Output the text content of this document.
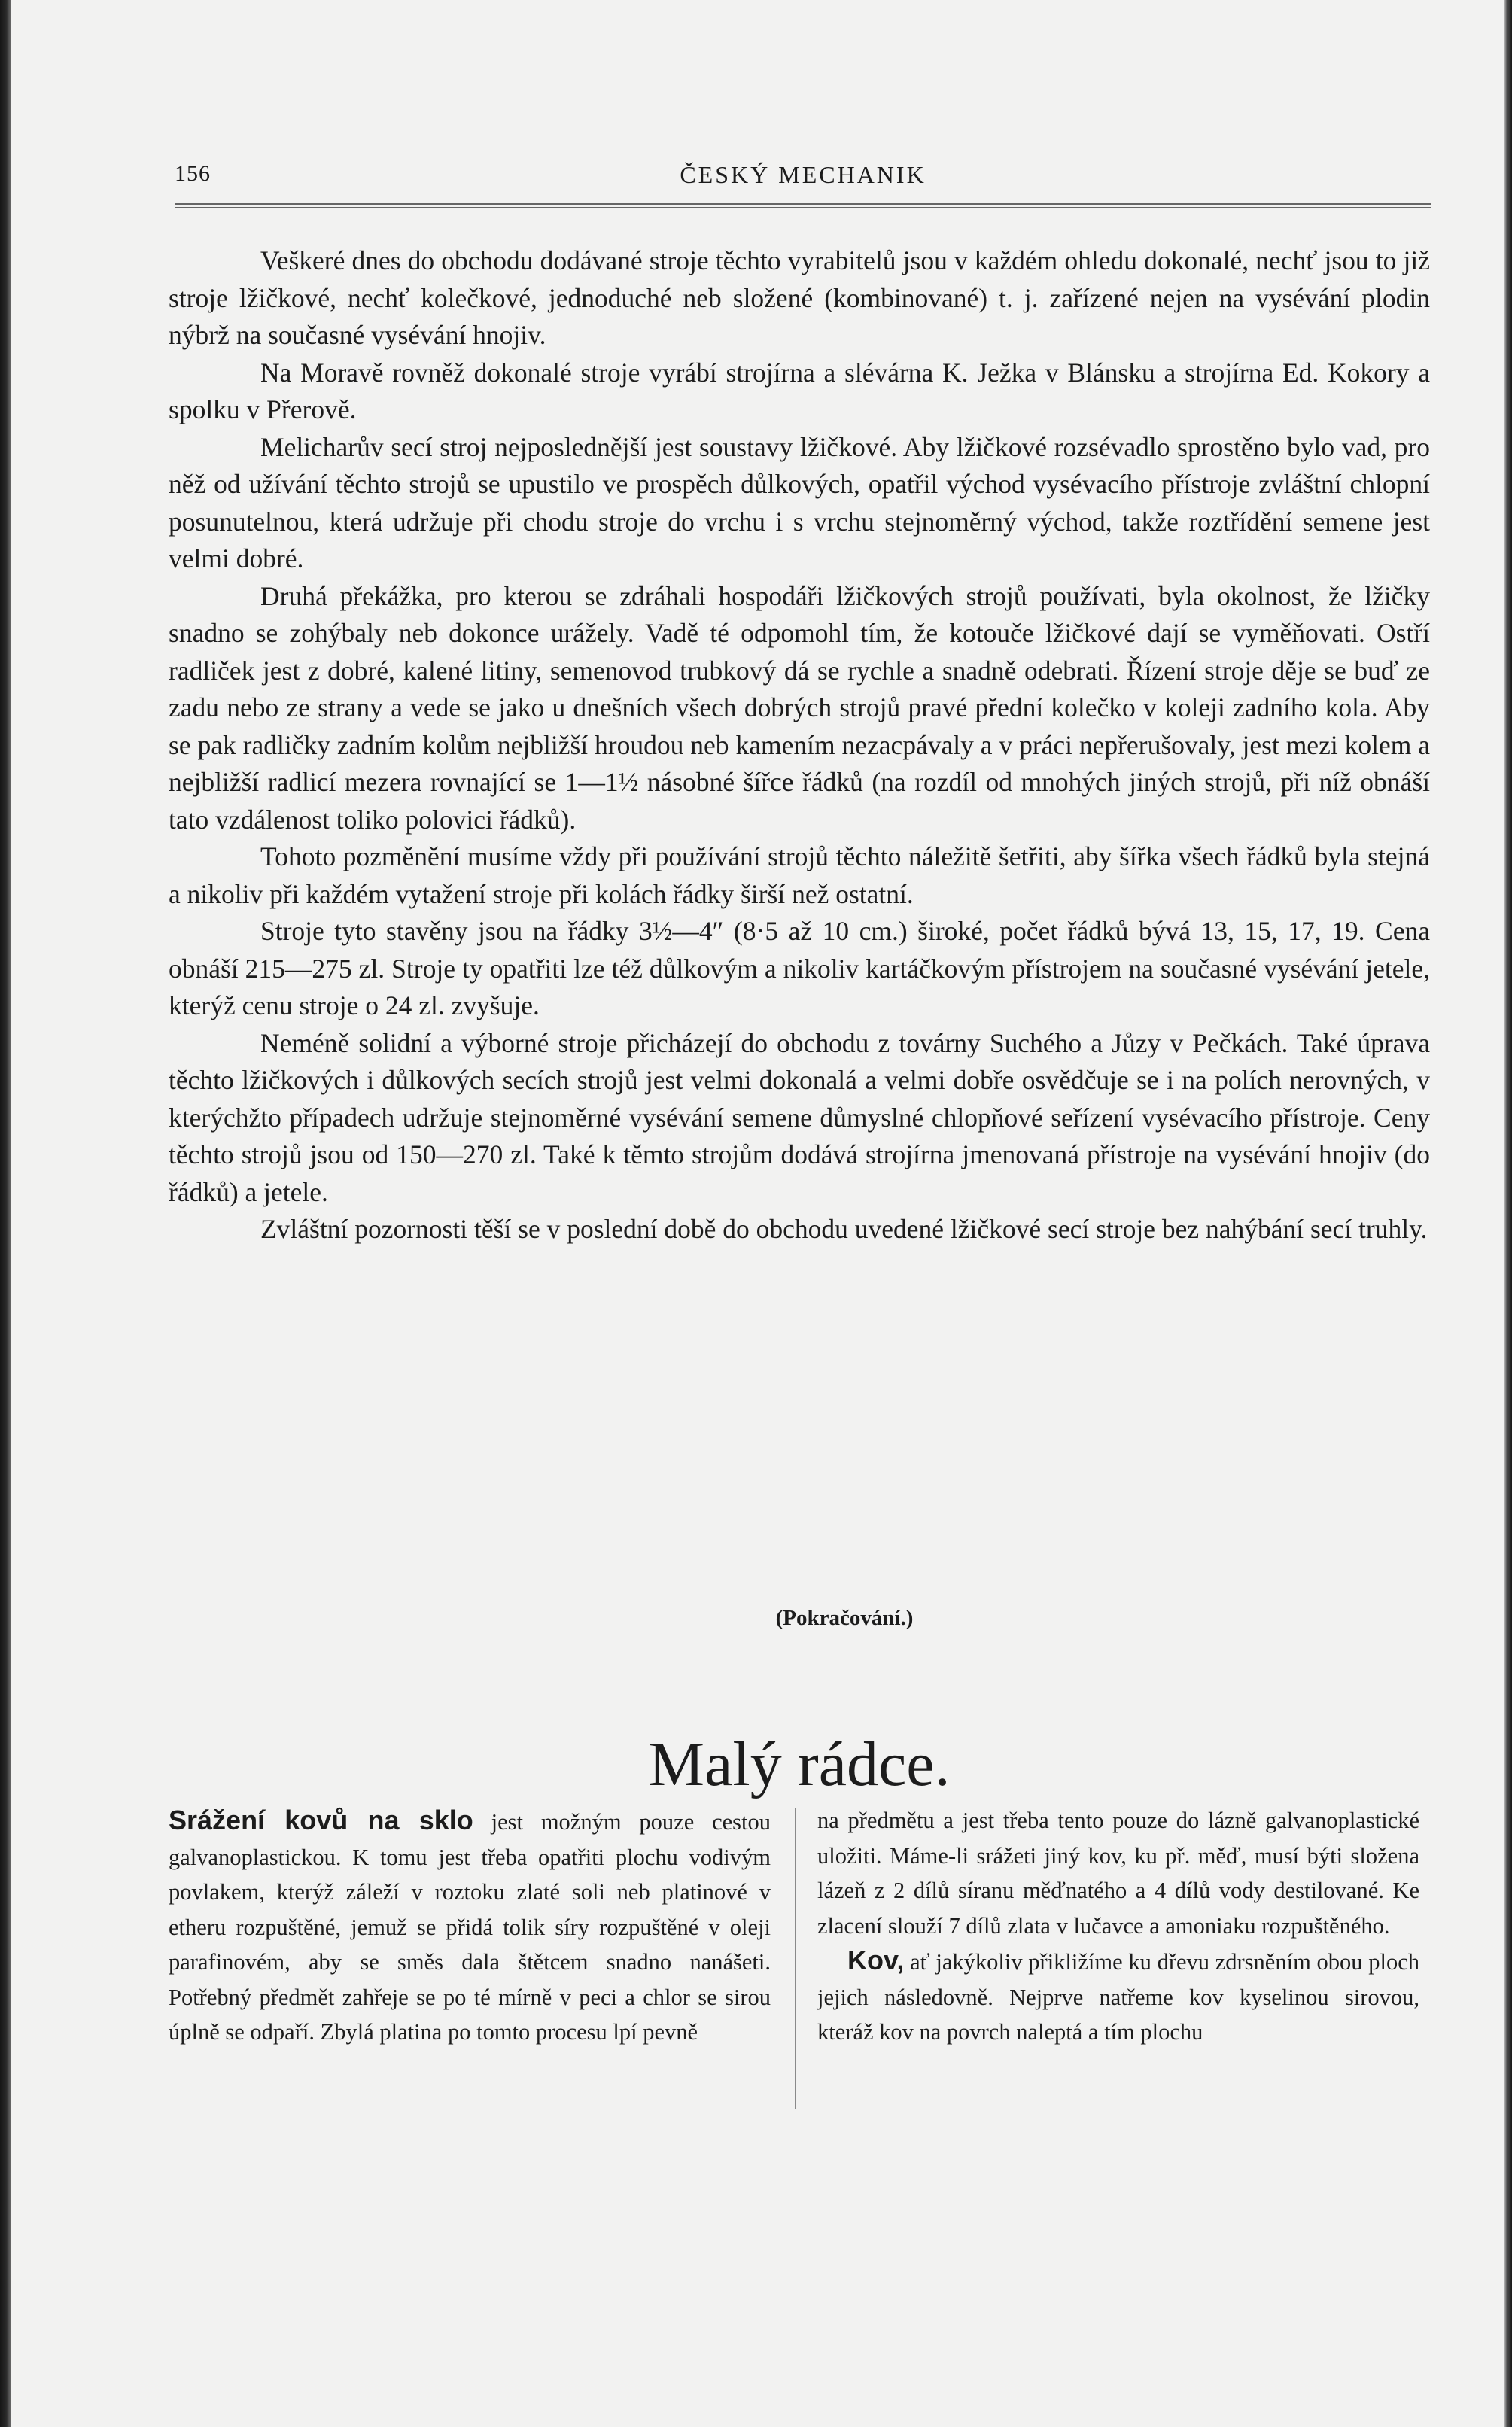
156	ČESKÝ MECHANIK

Veškeré dnes do obchodu dodávané stroje těchto vyrabitelů jsou v každém ohledu dokonalé, nechť jsou to již stroje lžičkové, nechť kolečkové, jednoduché neb složené (kombinované) t. j. zařízené nejen na vysévání plodin nýbrž na současné vysévání hnojiv.

Na Moravě rovněž dokonalé stroje vyrábí strojírna a slévárna K. Ježka v Blánsku a strojírna Ed. Kokory a spolku v Přerově.

Melicharův secí stroj nejposlednější jest soustavy lžičkové. Aby lžičkové rozsévadlo sprostěno bylo vad, pro něž od užívání těchto strojů se upustilo ve prospěch důlkových, opatřil východ vysévacího přístroje zvláštní chlopní posunutelnou, která udržuje při chodu stroje do vrchu i s vrchu stejnoměrný východ, takže roztřídění semene jest velmi dobré.

Druhá překážka, pro kterou se zdráhali hospodáři lžičkových strojů používati, byla okolnost, že lžičky snadno se zohýbaly neb dokonce urážely. Vadě té odpomohl tím, že kotouče lžičkové dají se vyměňovati. Ostří radliček jest z dobré, kalené litiny, semenovod trubkový dá se rychle a snadně odebrati. Řízení stroje děje se buď ze zadu nebo ze strany a vede se jako u dnešních všech dobrých strojů pravé přední kolečko v koleji zadního kola. Aby se pak radličky zadním kolům nejbližší hroudou neb kamením nezacpávaly a v práci nepřerušovaly, jest mezi kolem a nejbližší radlicí mezera rovnající se 1—1½ násobné šířce řádků (na rozdíl od mnohých jiných strojů, při níž obnáší tato vzdálenost toliko polovici řádků).

Tohoto pozměnění musíme vždy při používání strojů těchto náležitě šetřiti, aby šířka všech řádků byla stejná a nikoliv při každém vytažení stroje při kolách řádky širší než ostatní.

Stroje tyto stavěny jsou na řádky 3½—4″ (8·5 až 10 cm.) široké, počet řádků bývá 13, 15, 17, 19. Cena obnáší 215—275 zl. Stroje ty opatřiti lze též důlkovým a nikoliv kartáčkovým přístrojem na současné vysévání jetele, kterýž cenu stroje o 24 zl. zvyšuje.

Neméně solidní a výborné stroje přicházejí do obchodu z továrny Suchého a Jůzy v Pečkách. Také úprava těchto lžičkových i důlkových secích strojů jest velmi dokonalá a velmi dobře osvědčuje se i na polích nerovných, v kterýchžto případech udržuje stejnoměrné vysévání semene důmyslné chlopňové seřízení vysévacího přístroje. Ceny těchto strojů jsou od 150—270 zl. Také k těmto strojům dodává strojírna jmenovaná přístroje na vysévání hnojiv (do řádků) a jetele.

Zvláštní pozornosti těší se v poslední době do obchodu uvedené lžičkové secí stroje bez nahýbání secí truhly.

(Pokračování.)
Malý rádce.

Srážení kovů na sklo jest možným pouze cestou galvanoplastickou. K tomu jest třeba opatřiti plochu vodivým povlakem, kterýž záleží v roztoku zlaté soli neb platinové v etheru rozpuštěné, jemuž se přidá tolik síry rozpuštěné v oleji parafinovém, aby se směs dala štětcem snadno nanášeti. Potřebný předmět zahřeje se po té mírně v peci a chlor se sirou úplně se odpaří. Zbylá platina po tomto procesu lpí pevně

na předmětu a jest třeba tento pouze do lázně galvanoplastické uložiti. Máme-li srážeti jiný kov, ku př. měď, musí býti složena lázeň z 2 dílů síranu měďnatého a 4 dílů vody destilované. Ke zlacení slouží 7 dílů zlata v lučavce a amoniaku rozpuštěného.

Kov, ať jakýkoliv přikližíme ku dřevu zdrsněním obou ploch jejich následovně. Nejprve natřeme kov kyselinou sirovou, kteráž kov na povrch naleptá a tím plochu
